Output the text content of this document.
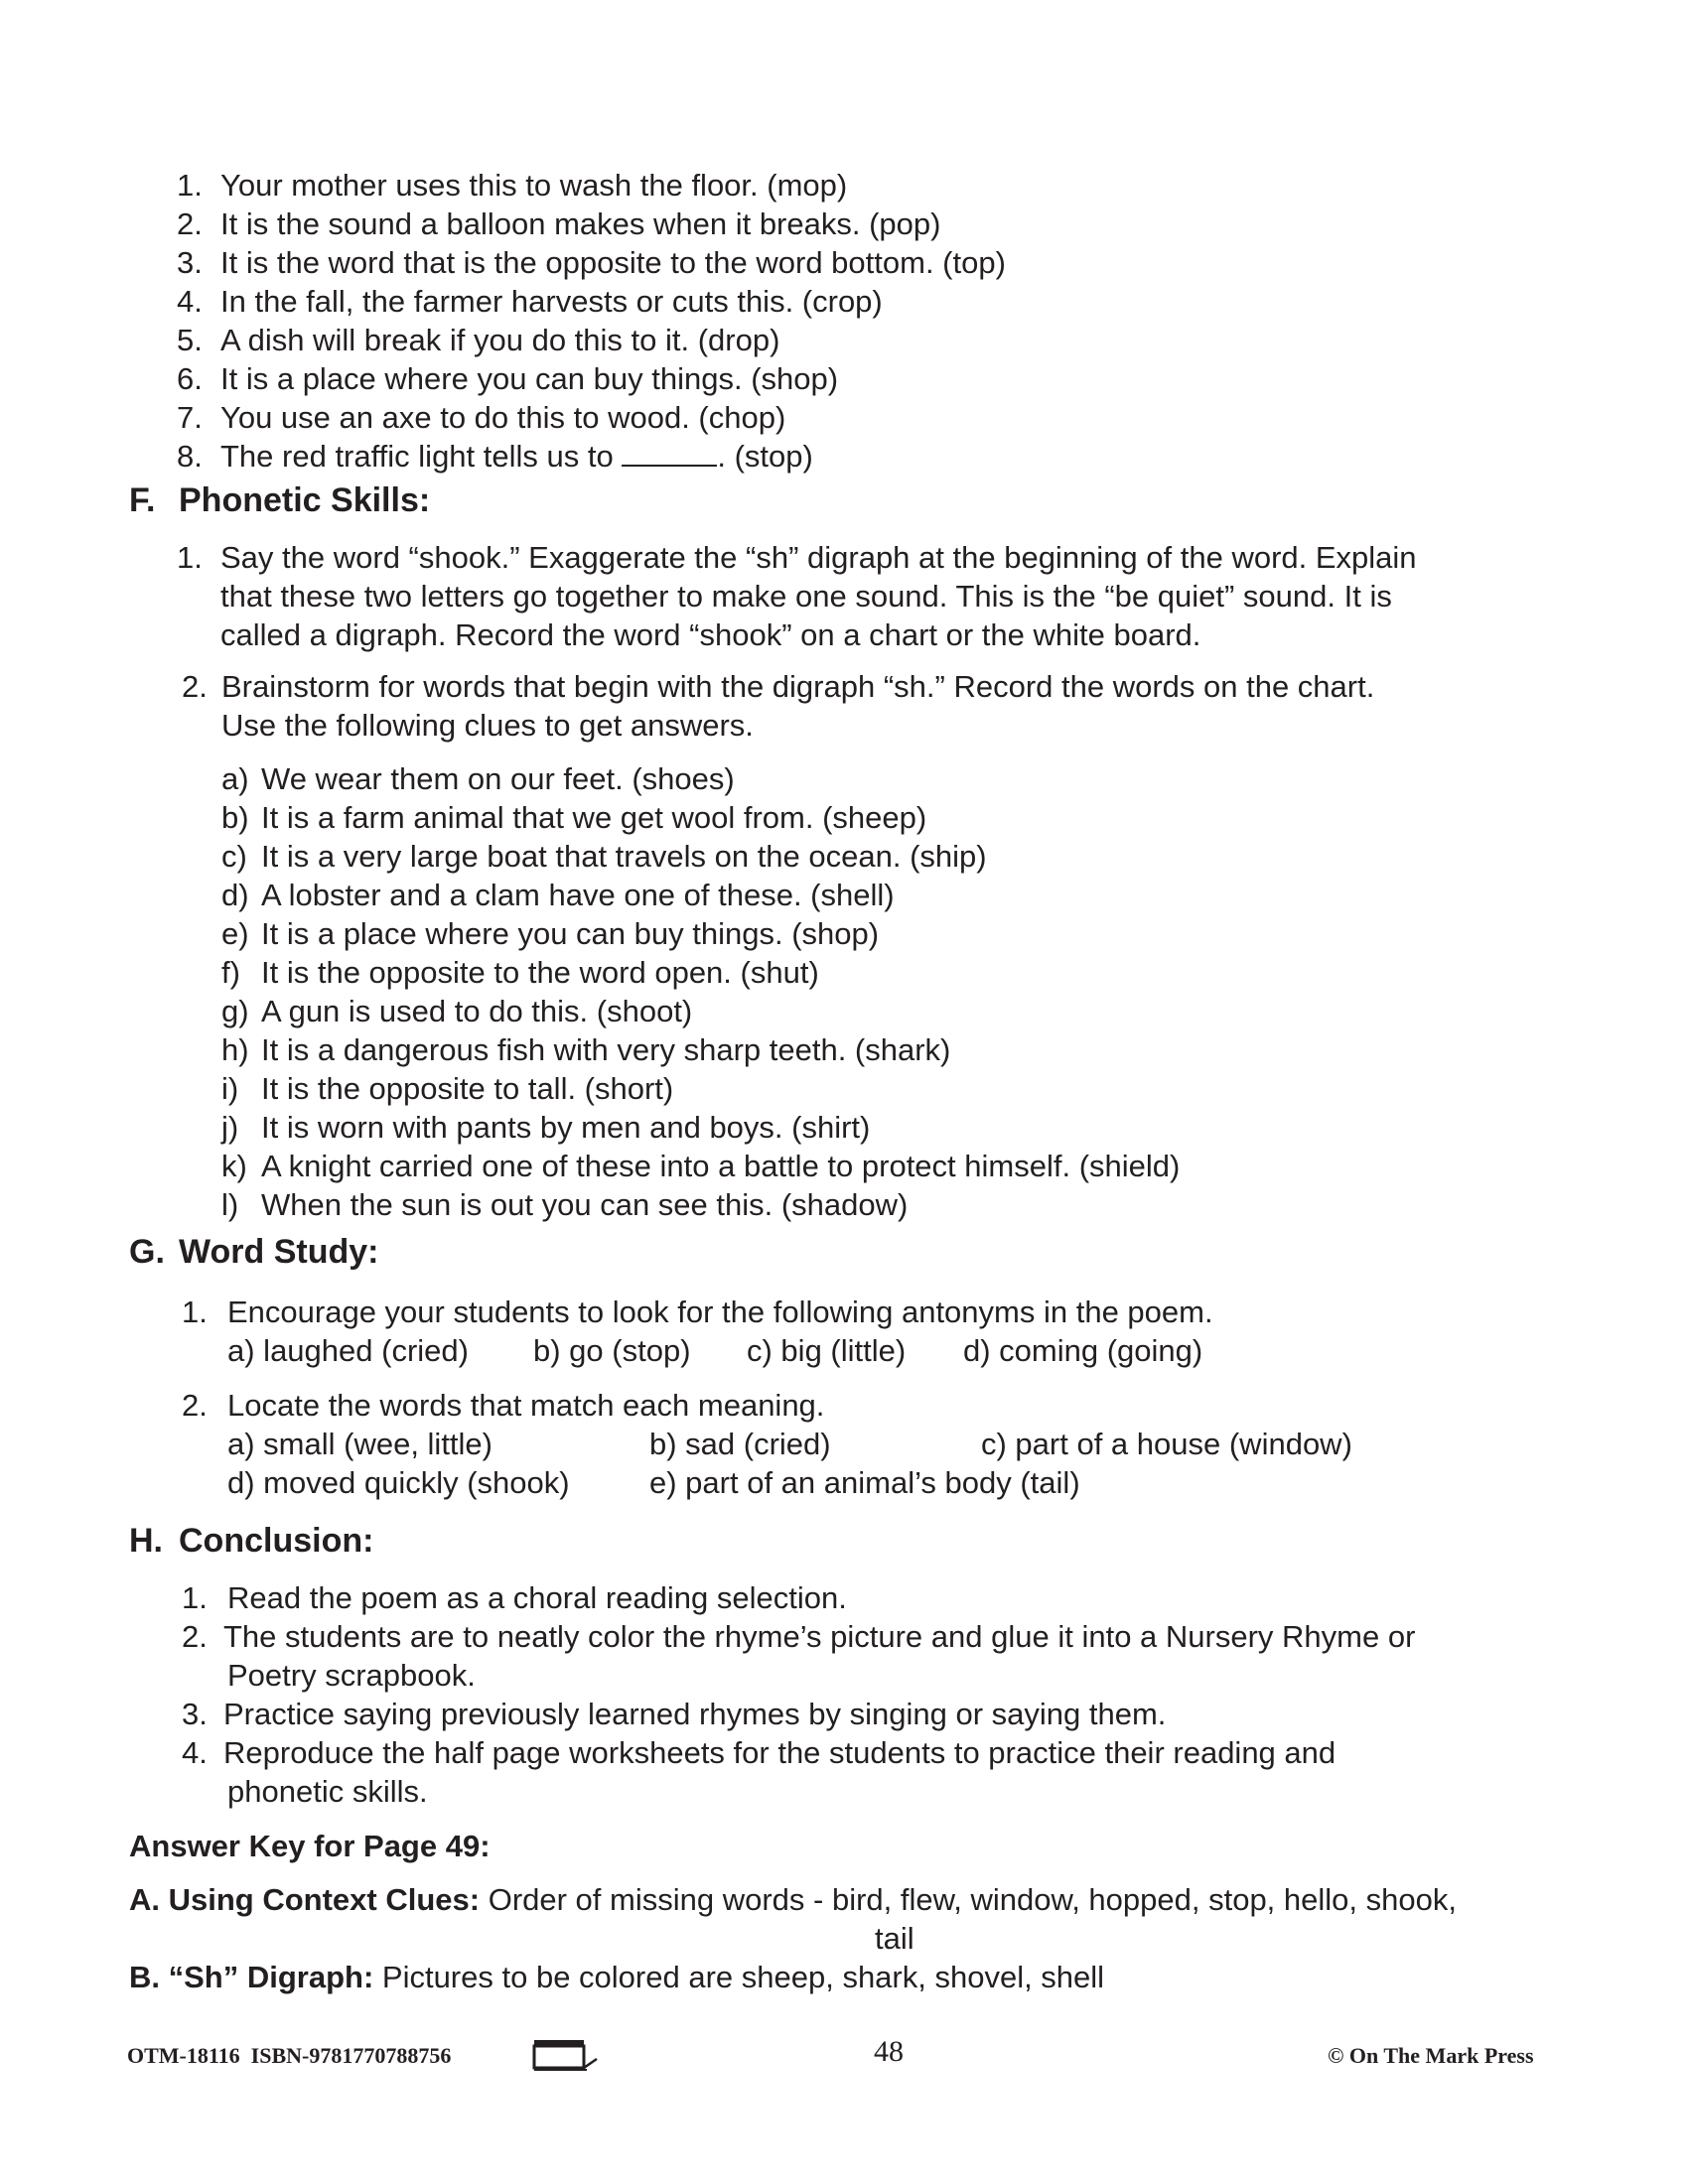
1. Your mother uses this to wash the floor. (mop)
2. It is the sound a balloon makes when it breaks. (pop)
3. It is the word that is the opposite to the word bottom. (top)
4. In the fall, the farmer harvests or cuts this. (crop)
5. A dish will break if you do this to it. (drop)
6. It is a place where you can buy things. (shop)
7. You use an axe to do this to wood. (chop)
8. The red traffic light tells us to	. (stop)
F. Phonetic Skills:
1. Say the word “shook.” Exaggerate the “sh” digraph at the beginning of the word. Explain
that these two letters go together to make one sound. This is the “be quiet” sound. It is
called a digraph. Record the word “shook” on a chart or the white board.
2. Brainstorm for words that begin with the digraph “sh.” Record the words on the chart.
Use the following clues to get answers.
a) We wear them on our feet. (shoes)
b) It is a farm animal that we get wool from. (sheep)
c) It is a very large boat that travels on the ocean. (ship)
d) A lobster and a clam have one of these. (shell)
e) It is a place where you can buy things. (shop)
f) It is the opposite to the word open. (shut)
g) A gun is used to do this. (shoot)
h) It is a dangerous fish with very sharp teeth. (shark)
i) It is the opposite to tall. (short)
j) It is worn with pants by men and boys. (shirt)
k) A knight carried one of these into a battle to protect himself. (shield)
l) When the sun is out you can see this. (shadow)
G. Word Study:
1. Encourage your students to look for the following antonyms in the poem.
a) laughed (cried)	b) go (stop)	c) big (little)	d) coming (going)
2. Locate the words that match each meaning.
a) small (wee, little)	b) sad (cried)	c) part of a house (window)
d) moved quickly (shook)	e) part of an animal’s body (tail)
H. Conclusion:
1. Read the poem as a choral reading selection.
2. The students are to neatly color the rhyme’s picture and glue it into a Nursery Rhyme or
Poetry scrapbook.
3. Practice saying previously learned rhymes by singing or saying them.
4. Reproduce the half page worksheets for the students to practice their reading and
phonetic skills.
Answer Key for Page 49:
A. Using Context Clues: Order of missing words - bird, flew, window, hopped, stop, hello, shook,
tail
B. “Sh” Digraph: Pictures to be colored are sheep, shark, shovel, shell
OTM-18116 ISBN-9781770788756	48	© On The Mark Press
